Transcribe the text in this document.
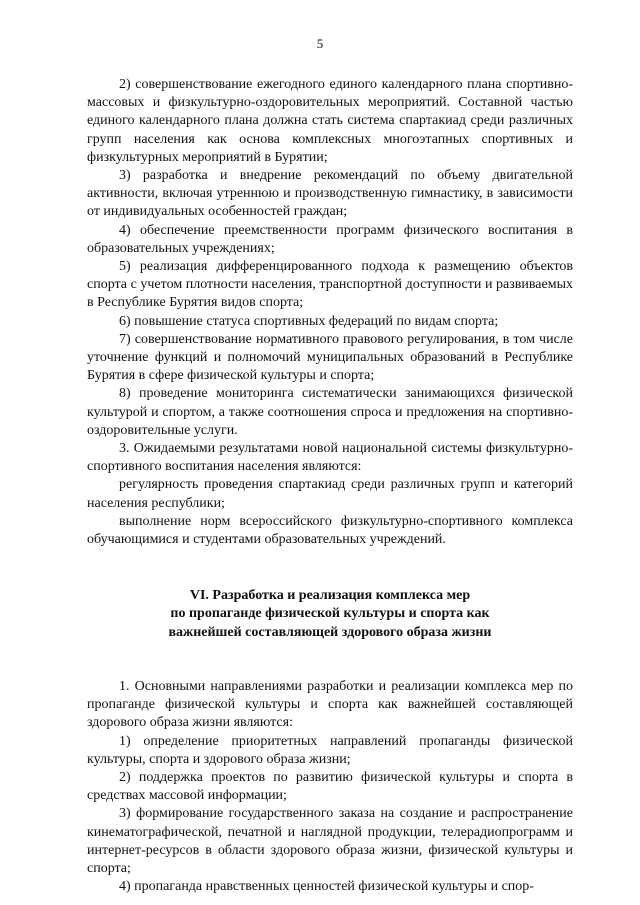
5

2) совершенствование ежегодного единого календарного плана спортивно-массовых и физкультурно-оздоровительных мероприятий. Составной частью единого календарного плана должна стать система спартакиад среди различных групп населения как основа комплексных многоэтапных спортивных и физкультурных мероприятий в Бурятии;

3) разработка и внедрение рекомендаций по объему двигательной активности, включая утреннюю и производственную гимнастику, в зависимости от индивидуальных особенностей граждан;

4) обеспечение преемственности программ физического воспитания в образовательных учреждениях;

5) реализация дифференцированного подхода к размещению объектов спорта с учетом плотности населения, транспортной доступности и развиваемых в Республике Бурятия видов спорта;

6) повышение статуса спортивных федераций по видам спорта;

7) совершенствование нормативного правового регулирования, в том числе уточнение функций и полномочий муниципальных образований в Республике Бурятия в сфере физической культуры и спорта;

8) проведение мониторинга систематически занимающихся физической культурой и спортом, а также соотношения спроса и предложения на спортивно-оздоровительные услуги.

3. Ожидаемыми результатами новой национальной системы физкультурно-спортивного воспитания населения являются:

регулярность проведения спартакиад среди различных групп и категорий населения республики;

выполнение норм всероссийского физкультурно-спортивного комплекса обучающимися и студентами образовательных учреждений.

VI. Разработка и реализация комплекса мер
по пропаганде физической культуры и спорта как
важнейшей составляющей здорового образа жизни

1. Основными направлениями разработки и реализации комплекса мер по пропаганде физической культуры и спорта как важнейшей составляющей здорового образа жизни являются:

1) определение приоритетных направлений пропаганды физической культуры, спорта и здорового образа жизни;

2) поддержка проектов по развитию физической культуры и спорта в средствах массовой информации;

3) формирование государственного заказа на создание и распространение кинематографической, печатной и наглядной продукции, телерадиопрограмм и интернет-ресурсов в области здорового образа жизни, физической культуры и спорта;

4) пропаганда нравственных ценностей физической культуры и спор-
